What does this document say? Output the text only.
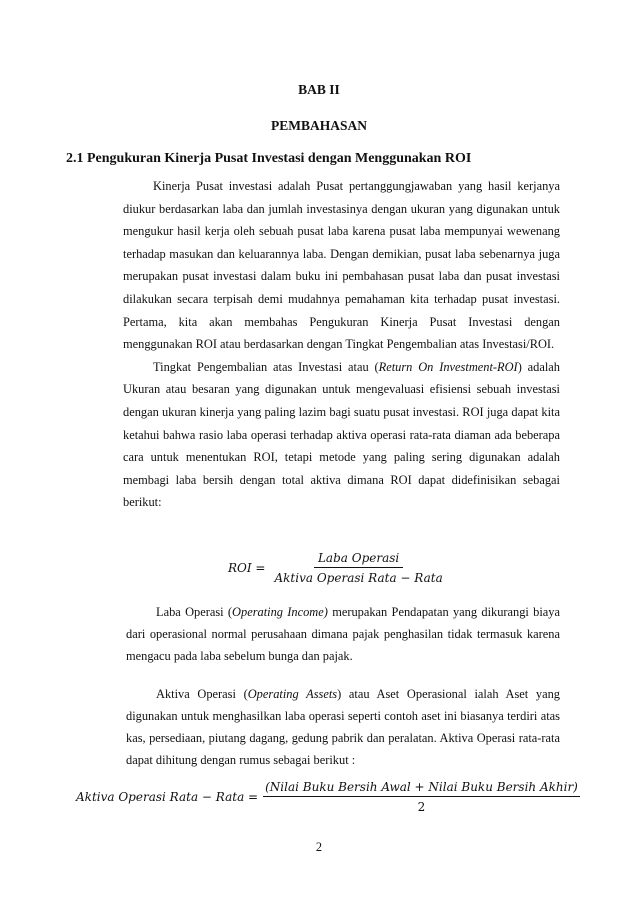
BAB II
PEMBAHASAN
2.1 Pengukuran Kinerja Pusat Investasi dengan Menggunakan ROI

Kinerja Pusat investasi adalah Pusat pertanggungjawaban yang hasil kerjanya diukur berdasarkan laba dan jumlah investasinya dengan ukuran yang digunakan untuk mengukur hasil kerja oleh sebuah pusat laba karena pusat laba mempunyai wewenang terhadap masukan dan keluarannya laba. Dengan demikian, pusat laba sebenarnya juga merupakan pusat investasi dalam buku ini pembahasan pusat laba dan pusat investasi dilakukan secara terpisah demi mudahnya pemahaman kita terhadap pusat investasi. Pertama, kita akan membahas Pengukuran Kinerja Pusat Investasi dengan menggunakan ROI atau berdasarkan dengan Tingkat Pengembalian atas Investasi/ROI.

Tingkat Pengembalian atas Investasi atau (Return On Investment-ROI) adalah Ukuran atau besaran yang digunakan untuk mengevaluasi efisiensi sebuah investasi dengan ukuran kinerja yang paling lazim bagi suatu pusat investasi. ROI juga dapat kita ketahui bahwa rasio laba operasi terhadap aktiva operasi rata-rata diaman ada beberapa cara untuk menentukan ROI, tetapi metode yang paling sering digunakan adalah membagi laba bersih dengan total aktiva dimana ROI dapat didefinisikan sebagai berikut:

ROI = $\frac{\text{Laba Operasi}}{\text{Aktiva Operasi Rata − Rata}}$

Laba Operasi (Operating Income) merupakan Pendapatan yang dikurangi biaya dari operasional normal perusahaan dimana pajak penghasilan tidak termasuk karena mengacu pada laba sebelum bunga dan pajak.

Aktiva Operasi (Operating Assets) atau Aset Operasional ialah Aset yang digunakan untuk menghasilkan laba operasi seperti contoh aset ini biasanya terdiri atas kas, persediaan, piutang dagang, gedung pabrik dan peralatan. Aktiva Operasi rata-rata dapat dihitung dengan rumus sebagai berikut :

Aktiva Operasi Rata − Rata = $\frac{\text{(Nilai Buku Bersih Awal + Nilai Buku Bersih Akhir)}}{2}$
2
